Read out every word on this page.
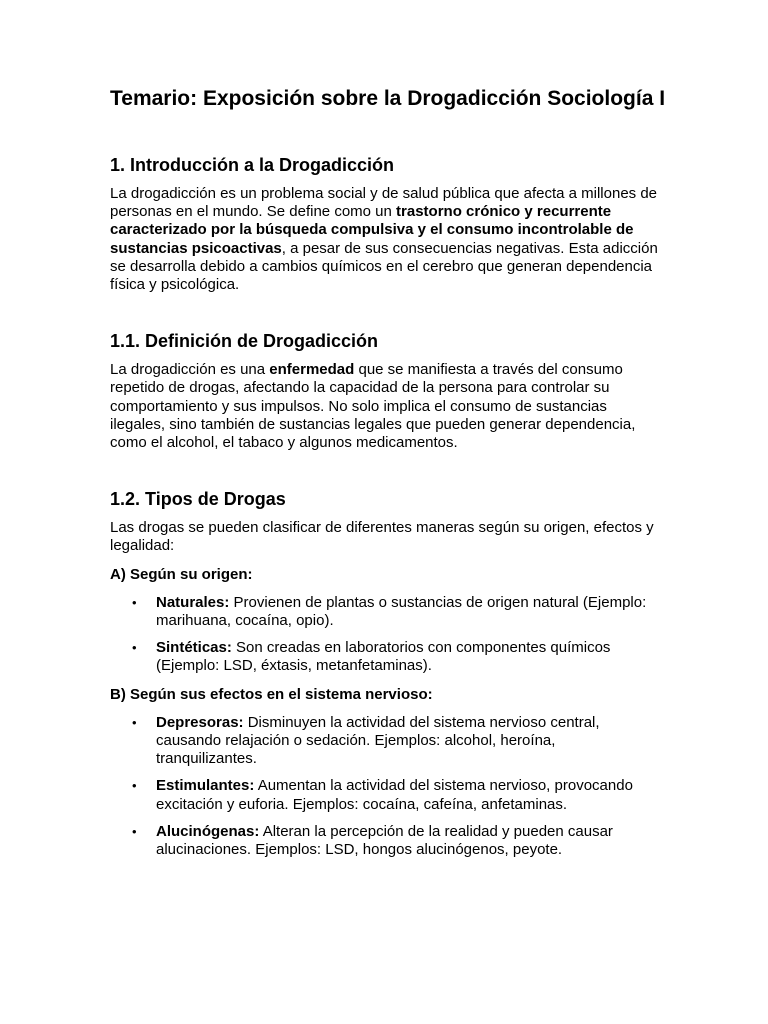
Temario: Exposición sobre la Drogadicción Sociología I
1. Introducción a la Drogadicción

La drogadicción es un problema social y de salud pública que afecta a millones de personas en el mundo. Se define como un trastorno crónico y recurrente caracterizado por la búsqueda compulsiva y el consumo incontrolable de sustancias psicoactivas, a pesar de sus consecuencias negativas. Esta adicción se desarrolla debido a cambios químicos en el cerebro que generan dependencia física y psicológica.

1.1. Definición de Drogadicción

La drogadicción es una enfermedad que se manifiesta a través del consumo repetido de drogas, afectando la capacidad de la persona para controlar su comportamiento y sus impulsos. No solo implica el consumo de sustancias ilegales, sino también de sustancias legales que pueden generar dependencia, como el alcohol, el tabaco y algunos medicamentos.

1.2. Tipos de Drogas

Las drogas se pueden clasificar de diferentes maneras según su origen, efectos y legalidad:

A) Según su origen:
• Naturales: Provienen de plantas o sustancias de origen natural (Ejemplo: marihuana, cocaína, opio).
• Sintéticas: Son creadas en laboratorios con componentes químicos (Ejemplo: LSD, éxtasis, metanfetaminas).
B) Según sus efectos en el sistema nervioso:
• Depresoras: Disminuyen la actividad del sistema nervioso central, causando relajación o sedación. Ejemplos: alcohol, heroína, tranquilizantes.
• Estimulantes: Aumentan la actividad del sistema nervioso, provocando excitación y euforia. Ejemplos: cocaína, cafeína, anfetaminas.
• Alucinógenas: Alteran la percepción de la realidad y pueden causar alucinaciones. Ejemplos: LSD, hongos alucinógenos, peyote.
